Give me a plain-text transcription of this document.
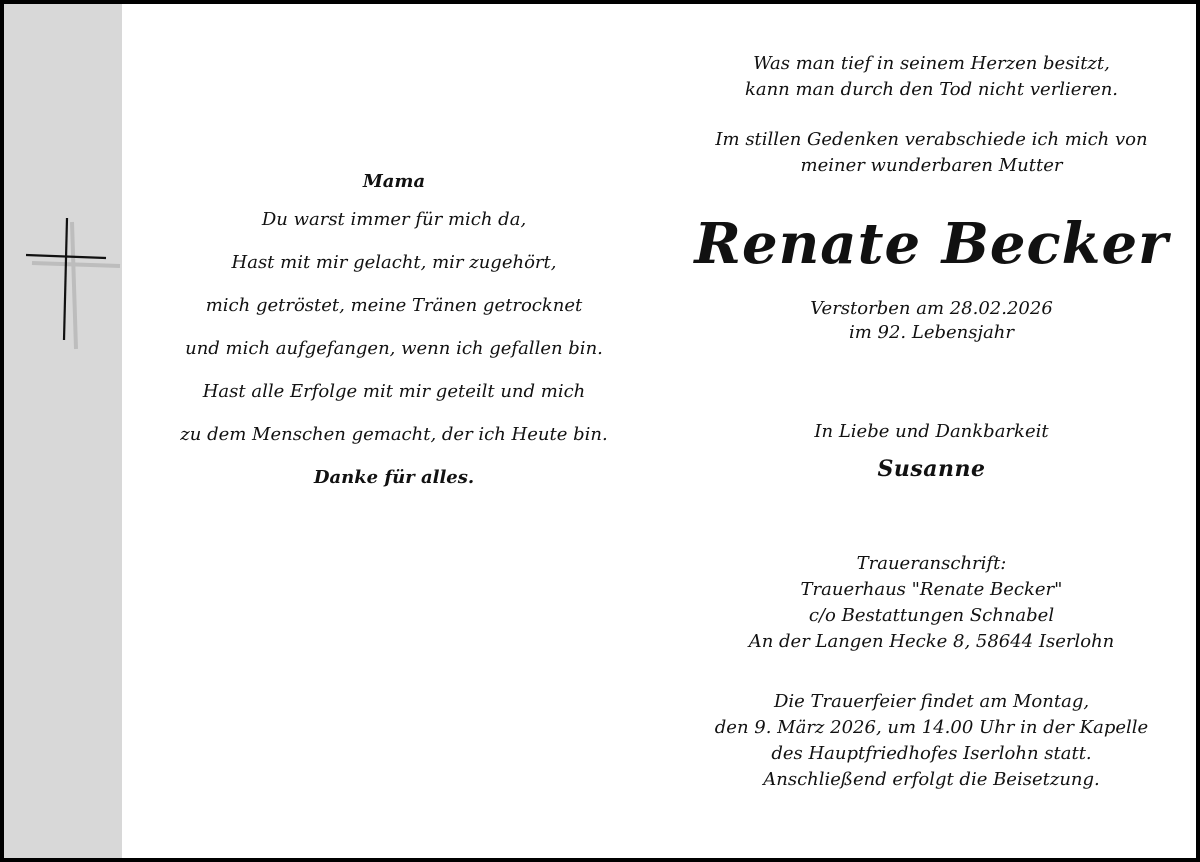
Mama
Du warst immer für mich da,
Hast mit mir gelacht, mir zugehört,
mich getröstet, meine Tränen getrocknet
und mich aufgefangen, wenn ich gefallen bin.
Hast alle Erfolge mit mir geteilt und mich
zu dem Menschen gemacht, der ich Heute bin.
Danke für alles.

Was man tief in seinem Herzen besitzt,

kann man durch den Tod nicht verlieren.

Im stillen Gedenken verabschiede ich mich von

meiner wunderbaren Mutter

Renate Becker

Verstorben am 28.02.2026

im 92. Lebensjahr

In Liebe und Dankbarkeit
Susanne

Traueranschrift:

Trauerhaus "Renate Becker"

c/o Bestattungen Schnabel

An der Langen Hecke 8, 58644 Iserlohn

Die Trauerfeier findet am Montag,

den 9. März 2026, um 14.00 Uhr in der Kapelle

des Hauptfriedhofes Iserlohn statt.

Anschließend erfolgt die Beisetzung.
